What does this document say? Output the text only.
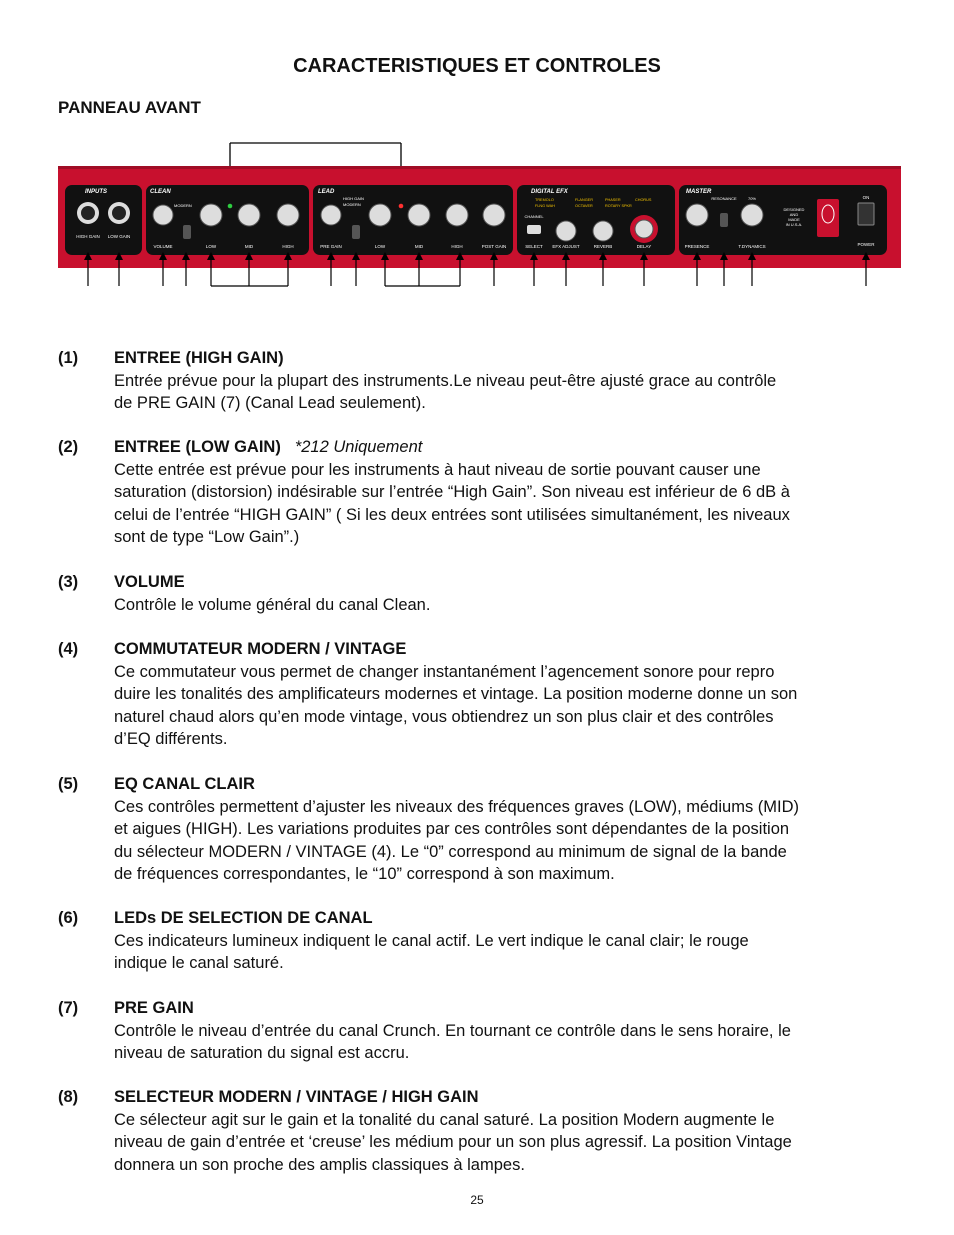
CARACTERISTIQUES ET CONTROLES
PANNEAU AVANT
INPUTS	CLEAN	LEAD	DIGITAL EFX	MASTER
HIGH GAIN LOW GAIN
MODERN
VOLUME	LOW	MID	HIGH
HIGH GAIN
MODERN
PRE GAIN	LOW	MID	HIGH	POST GAIN
TREMOLO	FLANGER	PHASER	CHORUS
FLNG WAH	OCTAVER	ROTARY SPKR
CHANNEL
SELECT EFX ADJUST	REVERB	DELAY
RESONANCE	70%
PRESENCE	T.DYNAMICS
DESIGNED
AND
MADE
IN U.S.A.
ON
POWER
(1) ENTREE (HIGH GAIN)
Entrée prévue pour la plupart des instruments.Le niveau peut-être ajusté grace au contrôle
de PRE GAIN (7) (Canal Lead seulement).
(2) ENTREE (LOW GAIN) *212 Uniquement
Cette entrée est prévue pour les instruments à haut niveau de sortie pouvant causer une
saturation (distorsion) indésirable sur l’entrée “High Gain”. Son niveau est inférieur de 6 dB à
celui de l’entrée “HIGH GAIN” ( Si les deux entrées sont utilisées simultanément, les niveaux
sont de type “Low Gain”.)
(3) VOLUME
Contrôle le volume général du canal Clean.
(4) COMMUTATEUR MODERN / VINTAGE
Ce commutateur vous permet de changer instantanément l’agencement sonore pour repro
duire les tonalités des amplificateurs modernes et vintage. La position moderne donne un son
naturel chaud alors qu’en mode vintage, vous obtiendrez un son plus clair et des contrôles
d’EQ différents.
(5) EQ CANAL CLAIR
Ces contrôles permettent d’ajuster les niveaux des fréquences graves (LOW), médiums (MID)
et aigues (HIGH). Les variations produites par ces contrôles sont dépendantes de la position
du sélecteur MODERN / VINTAGE (4). Le “0” correspond au minimum de signal de la bande
de fréquences correspondantes, le “10” correspond à son maximum.
(6) LEDs DE SELECTION DE CANAL
Ces indicateurs lumineux indiquent le canal actif. Le vert indique le canal clair; le rouge
indique le canal saturé.
(7) PRE GAIN
Contrôle le niveau d’entrée du canal Crunch. En tournant ce contrôle dans le sens horaire, le
niveau de saturation du signal est accru.
(8) SELECTEUR MODERN / VINTAGE / HIGH GAIN
Ce sélecteur agit sur le gain et la tonalité du canal saturé. La position Modern augmente le
niveau de gain d’entrée et ‘creuse’ les médium pour un son plus agressif. La position Vintage
donnera un son proche des amplis classiques à lampes.
25
